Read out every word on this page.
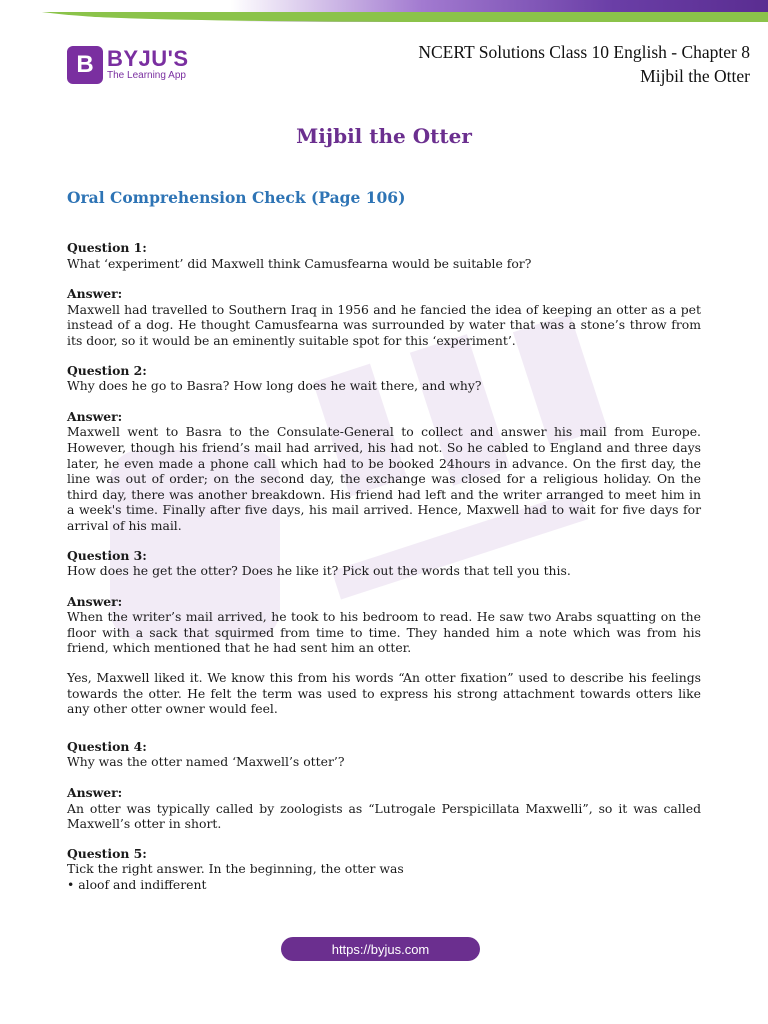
B BYJU'S
The Learning App
NCERT Solutions Class 10 English - Chapter 8
Mijbil the Otter
Mijbil the Otter
Oral Comprehension Check (Page 106)

Question 1:

What ‘experiment’ did Maxwell think Camusfearna would be suitable for?

Answer:

Maxwell had travelled to Southern Iraq in 1956 and he fancied the idea of keeping an otter as a pet instead of a dog. He thought Camusfearna was surrounded by water that was a stone’s throw from its door, so it would be an eminently suitable spot for this ‘experiment’.

Question 2:

Why does he go to Basra? How long does he wait there, and why?

Answer:

Maxwell went to Basra to the Consulate-General to collect and answer his mail from Europe. However, though his friend’s mail had arrived, his had not. So he cabled to England and three days later, he even made a phone call which had to be booked 24hours in advance. On the first day, the line was out of order; on the second day, the exchange was closed for a religious holiday. On the third day, there was another breakdown. His friend had left and the writer arranged to meet him in a week's time. Finally after five days, his mail arrived. Hence, Maxwell had to wait for five days for arrival of his mail.

Question 3:

How does he get the otter? Does he like it? Pick out the words that tell you this.

Answer:

When the writer’s mail arrived, he took to his bedroom to read. He saw two Arabs squatting on the floor with a sack that squirmed from time to time. They handed him a note which was from his friend, which mentioned that he had sent him an otter.

Yes, Maxwell liked it. We know this from his words “An otter fixation” used to describe his feelings towards the otter. He felt the term was used to express his strong attachment towards otters like any other otter owner would feel.

Question 4:

Why was the otter named ‘Maxwell’s otter’?

Answer:

An otter was typically called by zoologists as “Lutrogale Perspicillata Maxwelli”, so it was called Maxwell’s otter in short.

Question 5:

Tick the right answer. In the beginning, the otter was

• aloof and indifferent

https://byjus.com
